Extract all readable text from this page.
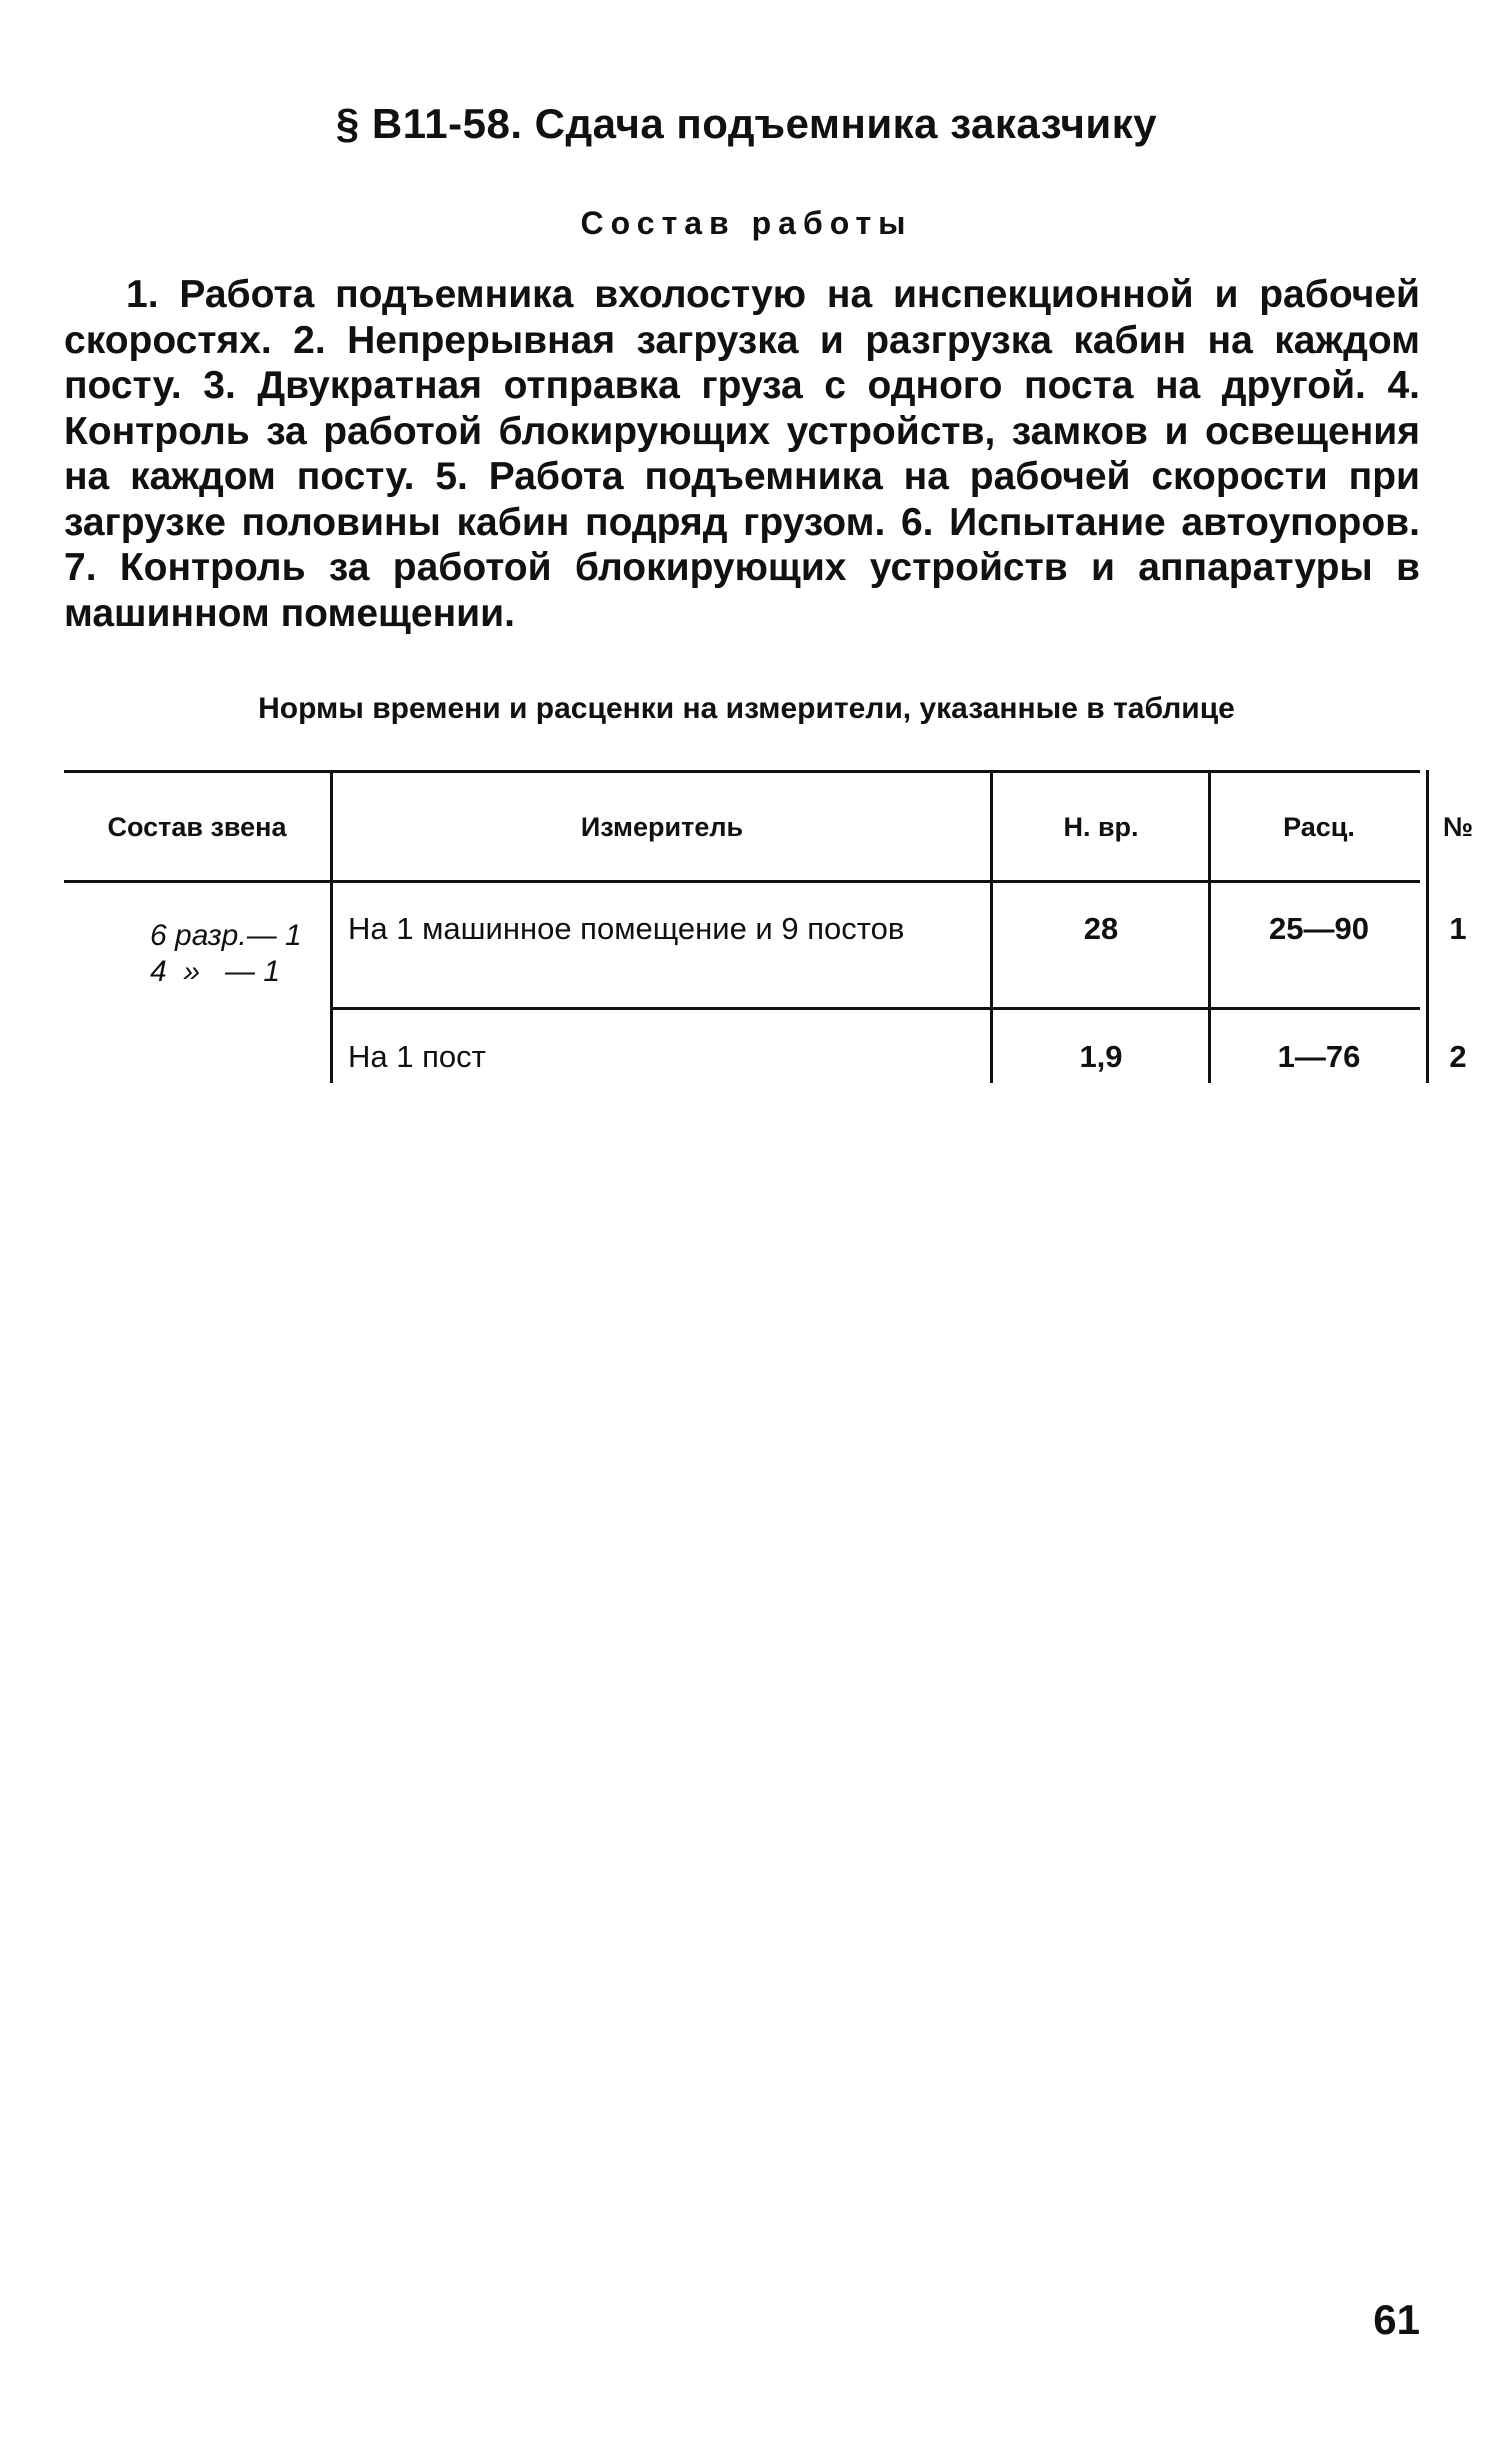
§ В11-58. Сдача подъемника заказчику
Состав работы
1. Работа подъемника вхолостую на инспекционной и рабочей скоростях. 2. Непрерывная загрузка и разгрузка кабин на каждом посту. 3. Двукратная отправка груза с одного поста на другой. 4. Контроль за работой блокирующих устройств, замков и освещения на каждом посту. 5. Работа подъемника на рабочей скорости при загрузке половины кабин подряд грузом. 6. Испытание автоупоров. 7. Контроль за работой блокирующих устройств и аппаратуры в машинном помещении.
Нормы времени и расценки на измерители, указанные в таблице
Состав звена	Измеритель	Н. вр.	Расц.	№
6 разр.— 1
4  »   — 1
На 1 машинное помещение и 9 постов	28	25—90	1
На 1 пост	1,9	1—76	2
61
